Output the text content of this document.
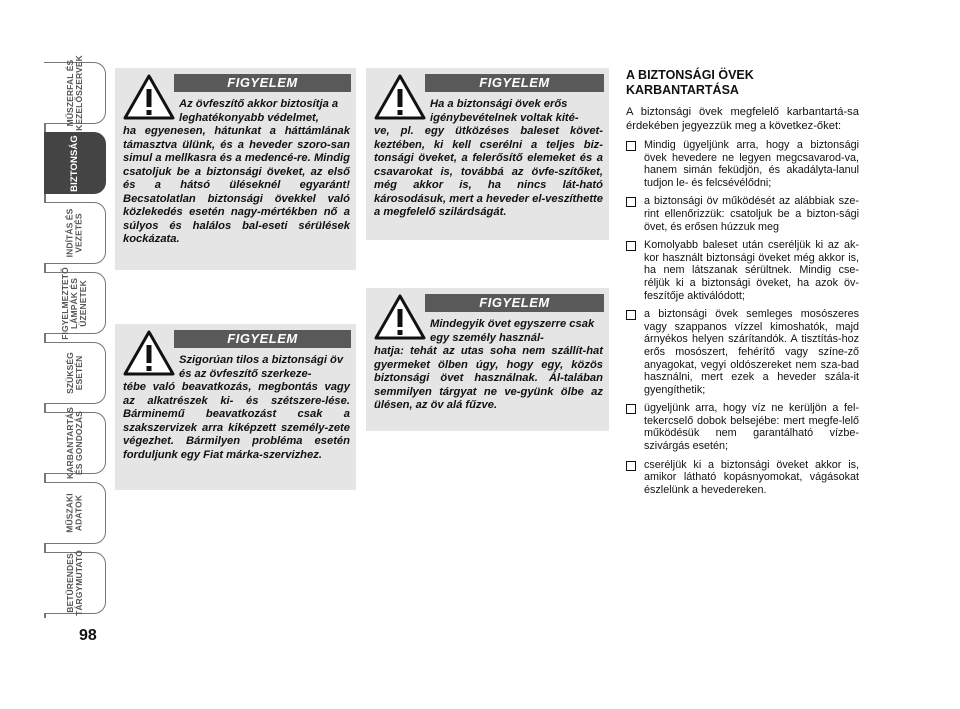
MŰSZERFAL ÉS
KEZELŐSZERVEK
BIZTONSÁG
INDÍTÁS ÉS
VEZETÉS
FIGYELMEZTETŐ
LÁMPÁK ÉS
ÜZENETEK
SZÜKSÉG
ESETÉN
KARBANTARTÁS
ÉS GONDOZÁS
MŰSZAKI
ADATOK
BETŰRENDES
TÁRGYMUTATÓ
98
FIGYELEM
Az övfeszítő akkor biztosítja a leghatékonyabb védelmet,
ha egyenesen, hátunkat a háttámlának támasztva ülünk, és a heveder szoro-san simul a mellkasra és a medencé-re. Mindig csatoljuk be a biztonsági öveket, az első és a hátsó üléseknél egyaránt! Becsatolatlan biztonsági övekkel való közlekedés esetén nagy-mértékben nő a súlyos és halálos bal-eseti sérülések kockázata.
FIGYELEM
Szigorúan tilos a biztonsági öv és az övfeszítő szerkeze-
tébe való beavatkozás, megbontás vagy az alkatrészek ki- és szétszere-lése. Bárminemű beavatkozást csak a szakszervizek arra kiképzett személy-zete végezhet. Bármilyen probléma esetén forduljunk egy Fiat márka-szervizhez.
FIGYELEM
Ha a biztonsági övek erős igénybevételnek voltak kité-
ve, pl. egy ütközéses baleset követ-keztében, ki kell cserélni a teljes biz-tonsági öveket, a felerősítő elemeket és a csavarokat is, továbbá az övfe-szítőket, még akkor is, ha nincs lát-ható károsodásuk, mert a heveder el-veszíthette a megfelelő szilárdságát.
FIGYELEM
Mindegyik övet egyszerre csak egy személy használ-
hatja: tehát az utas soha nem szállít-hat gyermeket ölben úgy, hogy egy, közös biztonsági övet használnak. Ál-talában semmilyen tárgyat ne ve-gyünk ölbe az ülésen, az öv alá fűzve.
A BIZTONSÁGI ÖVEK KARBANTARTÁSA

A biztonsági övek megfelelő karbantartá-sa érdekében jegyezzük meg a következ-őket:

Mindig ügyeljünk arra, hogy a biztonsági övek hevedere ne legyen megcsavarod-va, hanem simán feküdjön, és akadályta-lanul tudjon le- és felcsévélődni;
a biztonsági öv működését az alábbiak sze-rint ellenőrizzük: csatoljuk be a bizton-sági övet, és erősen húzzuk meg
Komolyabb baleset után cseréljük ki az ak-kor használt biztonsági öveket még akkor is, ha nem látszanak sérültnek. Mindig cse-réljük ki a biztonsági öveket, ha azok öv-feszítője aktiválódott;
a biztonsági övek semleges mosószeres vagy szappanos vízzel kimoshatók, majd árnyékos helyen szárítandók. A tisztítás-hoz erős mosószert, fehérítő vagy színe-ző anyagokat, vegyi oldószereket nem sza-bad használni, mert ezek a heveder szála-it gyengíthetik;
ügyeljünk arra, hogy víz ne kerüljön a fel-tekercselő dobok belsejébe: mert megfe-lelő működésük nem garantálható vízbe-szivárgás esetén;
cseréljük ki a biztonsági öveket akkor is, amikor látható kopásnyomokat, vágásokat észlelünk a hevedereken.
